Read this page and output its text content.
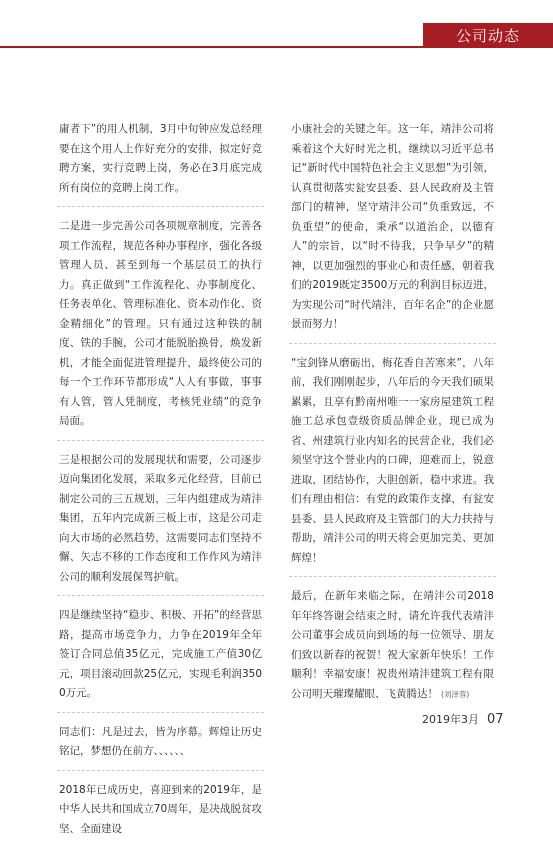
公司动态

庸者下”的用人机制，3月中旬钟应发总经理要在这个用人上作好充分的安排，拟定好竞聘方案，实行竞聘上岗，务必在3月底完成所有岗位的竞聘上岗工作。

二是进一步完善公司各项规章制度，完善各项工作流程，规范各种办事程序，强化各级管理人员、甚至到每一个基层员工的执行力。真正做到“工作流程化、办事制度化、任务表单化、管理标准化、资本动作化、资金精细化”的管理。只有通过这种铁的制度、铁的手腕，公司才能脱胎换骨，焕发新机，才能全面促进管理提升，最终使公司的每一个工作环节都形成“人人有事做，事事有人管，管人凭制度，考核凭业绩”的竞争局面。

三是根据公司的发展现状和需要，公司逐步迈向集团化发展，采取多元化经营，目前已制定公司的三五规划，三年内组建成为靖沣集团，五年内完成新三板上市，这是公司走向大市场的必然趋势，这需要同志们坚持不懈、矢志不移的工作态度和工作作风为靖沣公司的顺利发展保驾护航。

四是继续坚持“稳步、积极、开拓”的经营思路，提高市场竞争力，力争在2019年全年签订合同总值35亿元，完成施工产值30亿元，项目滚动回款25亿元，实现毛利润3500万元。

同志们：凡是过去，皆为序幕。辉煌让历史铭记，梦想仍在前方、、、、、、

2018年已成历史，喜迎到来的2019年，是中华人民共和国成立70周年，是决战脱贫攻坚、全面建设

小康社会的关键之年。这一年，靖沣公司将乘着这个大好时光之机，继续以习近平总书记“新时代中国特色社会主义思想”为引领，认真贯彻落实瓮安县委、县人民政府及主管部门的精神，坚守靖沣公司“负重致远，不负重望”的使命，秉承“以道治企，以德育人”的宗旨，以“时不待我，只争早夕”的精神，以更加强烈的事业心和责任感，朝着我们的2019既定3500万元的利润目标迈进，为实现公司“时代靖沣，百年名企”的企业愿景而努力！

“宝剑锋从磨砺出，梅花香自苦寒来”，八年前，我们刚刚起步，八年后的今天我们硕果累累，且享有黔南州唯一一家房屋建筑工程施工总承包壹级资质品牌企业，现已成为省、州建筑行业内知名的民营企业，我们必须坚守这个誉业内的口碑，迎难而上，锐意进取，团结协作，大胆创新，稳中求进。我们有理由相信：有党的政策作支撑，有瓮安县委、县人民政府及主管部门的大力扶持与帮助，靖沣公司的明天将会更加完美、更加辉煌！

最后，在新年来临之际，在靖沣公司2018年年终答谢会结束之时，请允许我代表靖沣公司董事会成员向到场的每一位领导、朋友们致以新春的祝贺！祝大家新年快乐！工作顺利！幸福安康！祝贵州靖沣建筑工程有限公司明天璀璨耀眼、飞黄腾达！ (刘泽蓉)

2019年3月 07
